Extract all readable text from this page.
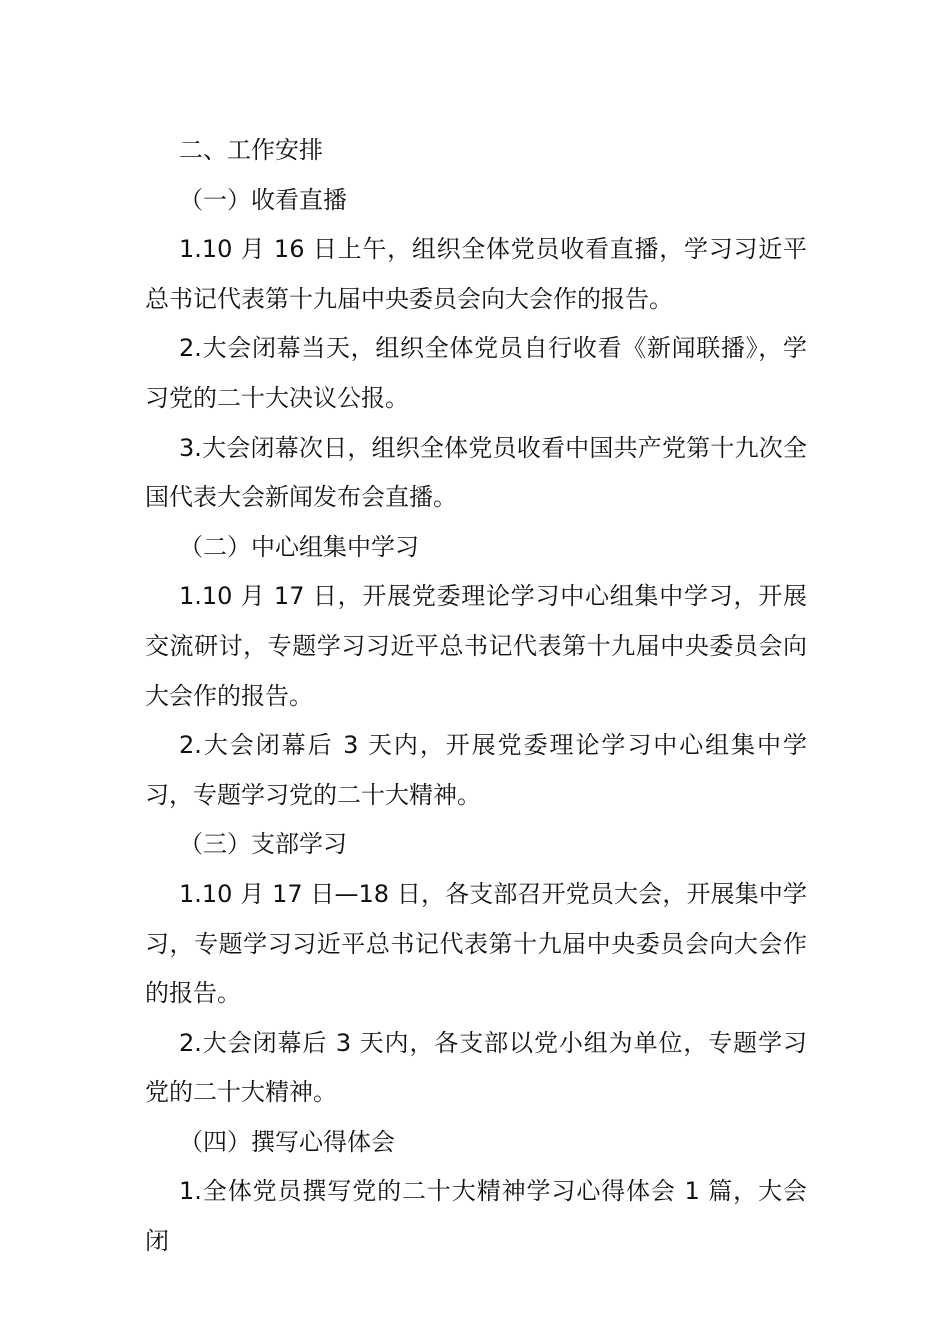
二、工作安排

（一）收看直播

1.10 月 16 日上午，组织全体党员收看直播，学习习近平总书记代表第十九届中央委员会向大会作的报告。

2.大会闭幕当天，组织全体党员自行收看《新闻联播》，学习党的二十大决议公报。

3.大会闭幕次日，组织全体党员收看中国共产党第十九次全国代表大会新闻发布会直播。

（二）中心组集中学习

1.10 月 17 日，开展党委理论学习中心组集中学习，开展交流研讨，专题学习习近平总书记代表第十九届中央委员会向大会作的报告。

2.大会闭幕后 3 天内，开展党委理论学习中心组集中学习，专题学习党的二十大精神。

（三）支部学习

1.10 月 17 日—18 日，各支部召开党员大会，开展集中学习，专题学习习近平总书记代表第十九届中央委员会向大会作的报告。

2.大会闭幕后 3 天内，各支部以党小组为单位，专题学习党的二十大精神。

（四）撰写心得体会

1.全体党员撰写党的二十大精神学习心得体会 1 篇，大会闭
